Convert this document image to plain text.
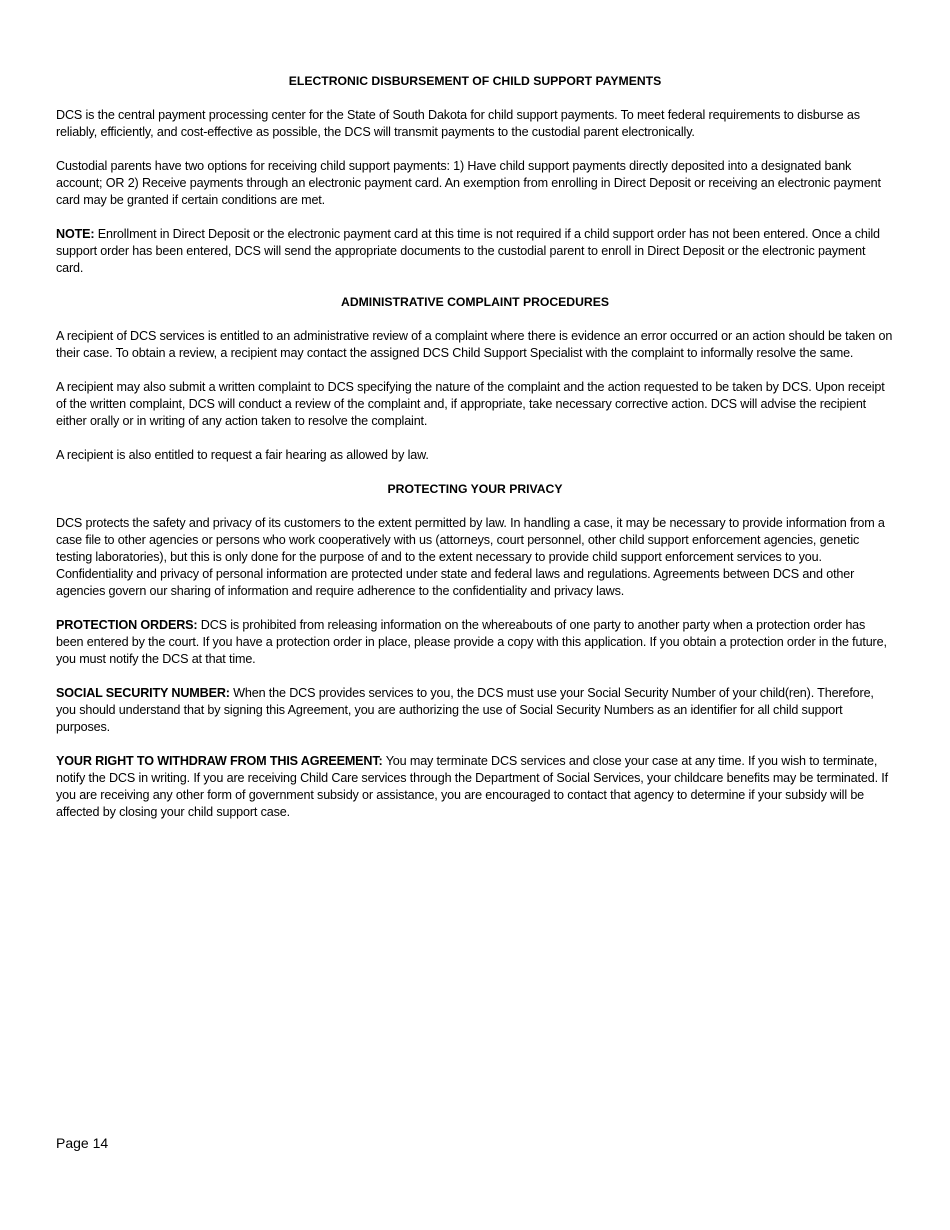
ELECTRONIC DISBURSEMENT OF CHILD SUPPORT PAYMENTS

DCS is the central payment processing center for the State of South Dakota for child support payments. To meet federal requirements to disburse as reliably, efficiently, and cost-effective as possible, the DCS will transmit payments to the custodial parent electronically.

Custodial parents have two options for receiving child support payments: 1) Have child support payments directly deposited into a designated bank account; OR 2) Receive payments through an electronic payment card. An exemption from enrolling in Direct Deposit or receiving an electronic payment card may be granted if certain conditions are met.

NOTE: Enrollment in Direct Deposit or the electronic payment card at this time is not required if a child support order has not been entered. Once a child support order has been entered, DCS will send the appropriate documents to the custodial parent to enroll in Direct Deposit or the electronic payment card.

ADMINISTRATIVE COMPLAINT PROCEDURES

A recipient of DCS services is entitled to an administrative review of a complaint where there is evidence an error occurred or an action should be taken on their case. To obtain a review, a recipient may contact the assigned DCS Child Support Specialist with the complaint to informally resolve the same.

A recipient may also submit a written complaint to DCS specifying the nature of the complaint and the action requested to be taken by DCS. Upon receipt of the written complaint, DCS will conduct a review of the complaint and, if appropriate, take necessary corrective action. DCS will advise the recipient either orally or in writing of any action taken to resolve the complaint.

A recipient is also entitled to request a fair hearing as allowed by law.

PROTECTING YOUR PRIVACY

DCS protects the safety and privacy of its customers to the extent permitted by law. In handling a case, it may be necessary to provide information from a case file to other agencies or persons who work cooperatively with us (attorneys, court personnel, other child support enforcement agencies, genetic testing laboratories), but this is only done for the purpose of and to the extent necessary to provide child support enforcement services to you. Confidentiality and privacy of personal information are protected under state and federal laws and regulations. Agreements between DCS and other agencies govern our sharing of information and require adherence to the confidentiality and privacy laws.

PROTECTION ORDERS: DCS is prohibited from releasing information on the whereabouts of one party to another party when a protection order has been entered by the court. If you have a protection order in place, please provide a copy with this application. If you obtain a protection order in the future, you must notify the DCS at that time.

SOCIAL SECURITY NUMBER: When the DCS provides services to you, the DCS must use your Social Security Number of your child(ren). Therefore, you should understand that by signing this Agreement, you are authorizing the use of Social Security Numbers as an identifier for all child support purposes.

YOUR RIGHT TO WITHDRAW FROM THIS AGREEMENT: You may terminate DCS services and close your case at any time. If you wish to terminate, notify the DCS in writing. If you are receiving Child Care services through the Department of Social Services, your childcare benefits may be terminated. If you are receiving any other form of government subsidy or assistance, you are encouraged to contact that agency to determine if your subsidy will be affected by closing your child support case.

Page 14
